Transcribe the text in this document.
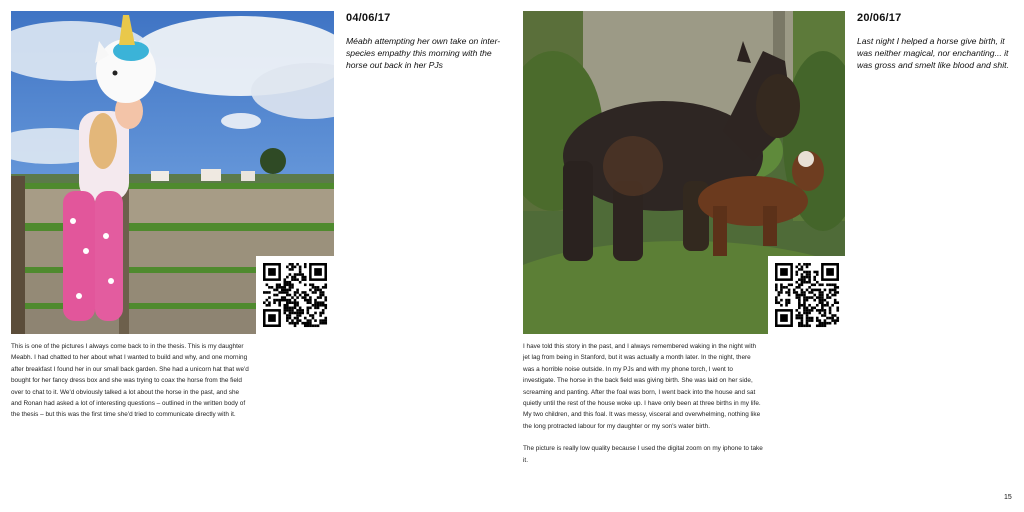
04/06/17
Méabh attempting her own take on inter-species empathy this morning with the horse out back in her PJs

This is one of the pictures I always come back to in the thesis. This is my daughter Meabh. I had chatted to her about what I wanted to build and why, and one morning after breakfast I found her in our small back garden. She had a unicorn hat that we'd bought for her fancy dress box and she was trying to coax the horse from the field over to chat to it. We'd obviously talked a lot about the horse in the past, and she and Ronan had asked a lot of interesting questions – outlined in the written body of the thesis – but this was the first time she'd tried to communicate directly with it.

20/06/17
Last night I helped a horse give birth, it was neither magical, nor enchanting... it was gross and smelt like blood and shit.

I have told this story in the past, and I always remembered waking in the night with jet lag from being in Stanford, but it was actually a month later. In the night, there was a horrible noise outside. In my PJs and with my phone torch, I went to investigate. The horse in the back field was giving birth. She was laid on her side, screaming and panting. After the foal was born, I went back into the house and sat quietly until the rest of the house woke up. I have only been at three births in my life. My two children, and this foal. It was messy, visceral and overwhelming, nothing like the long protracted labour for my daughter or my son's water birth.

The picture is really low quality because I used the digital zoom on my iphone to take it.

15
